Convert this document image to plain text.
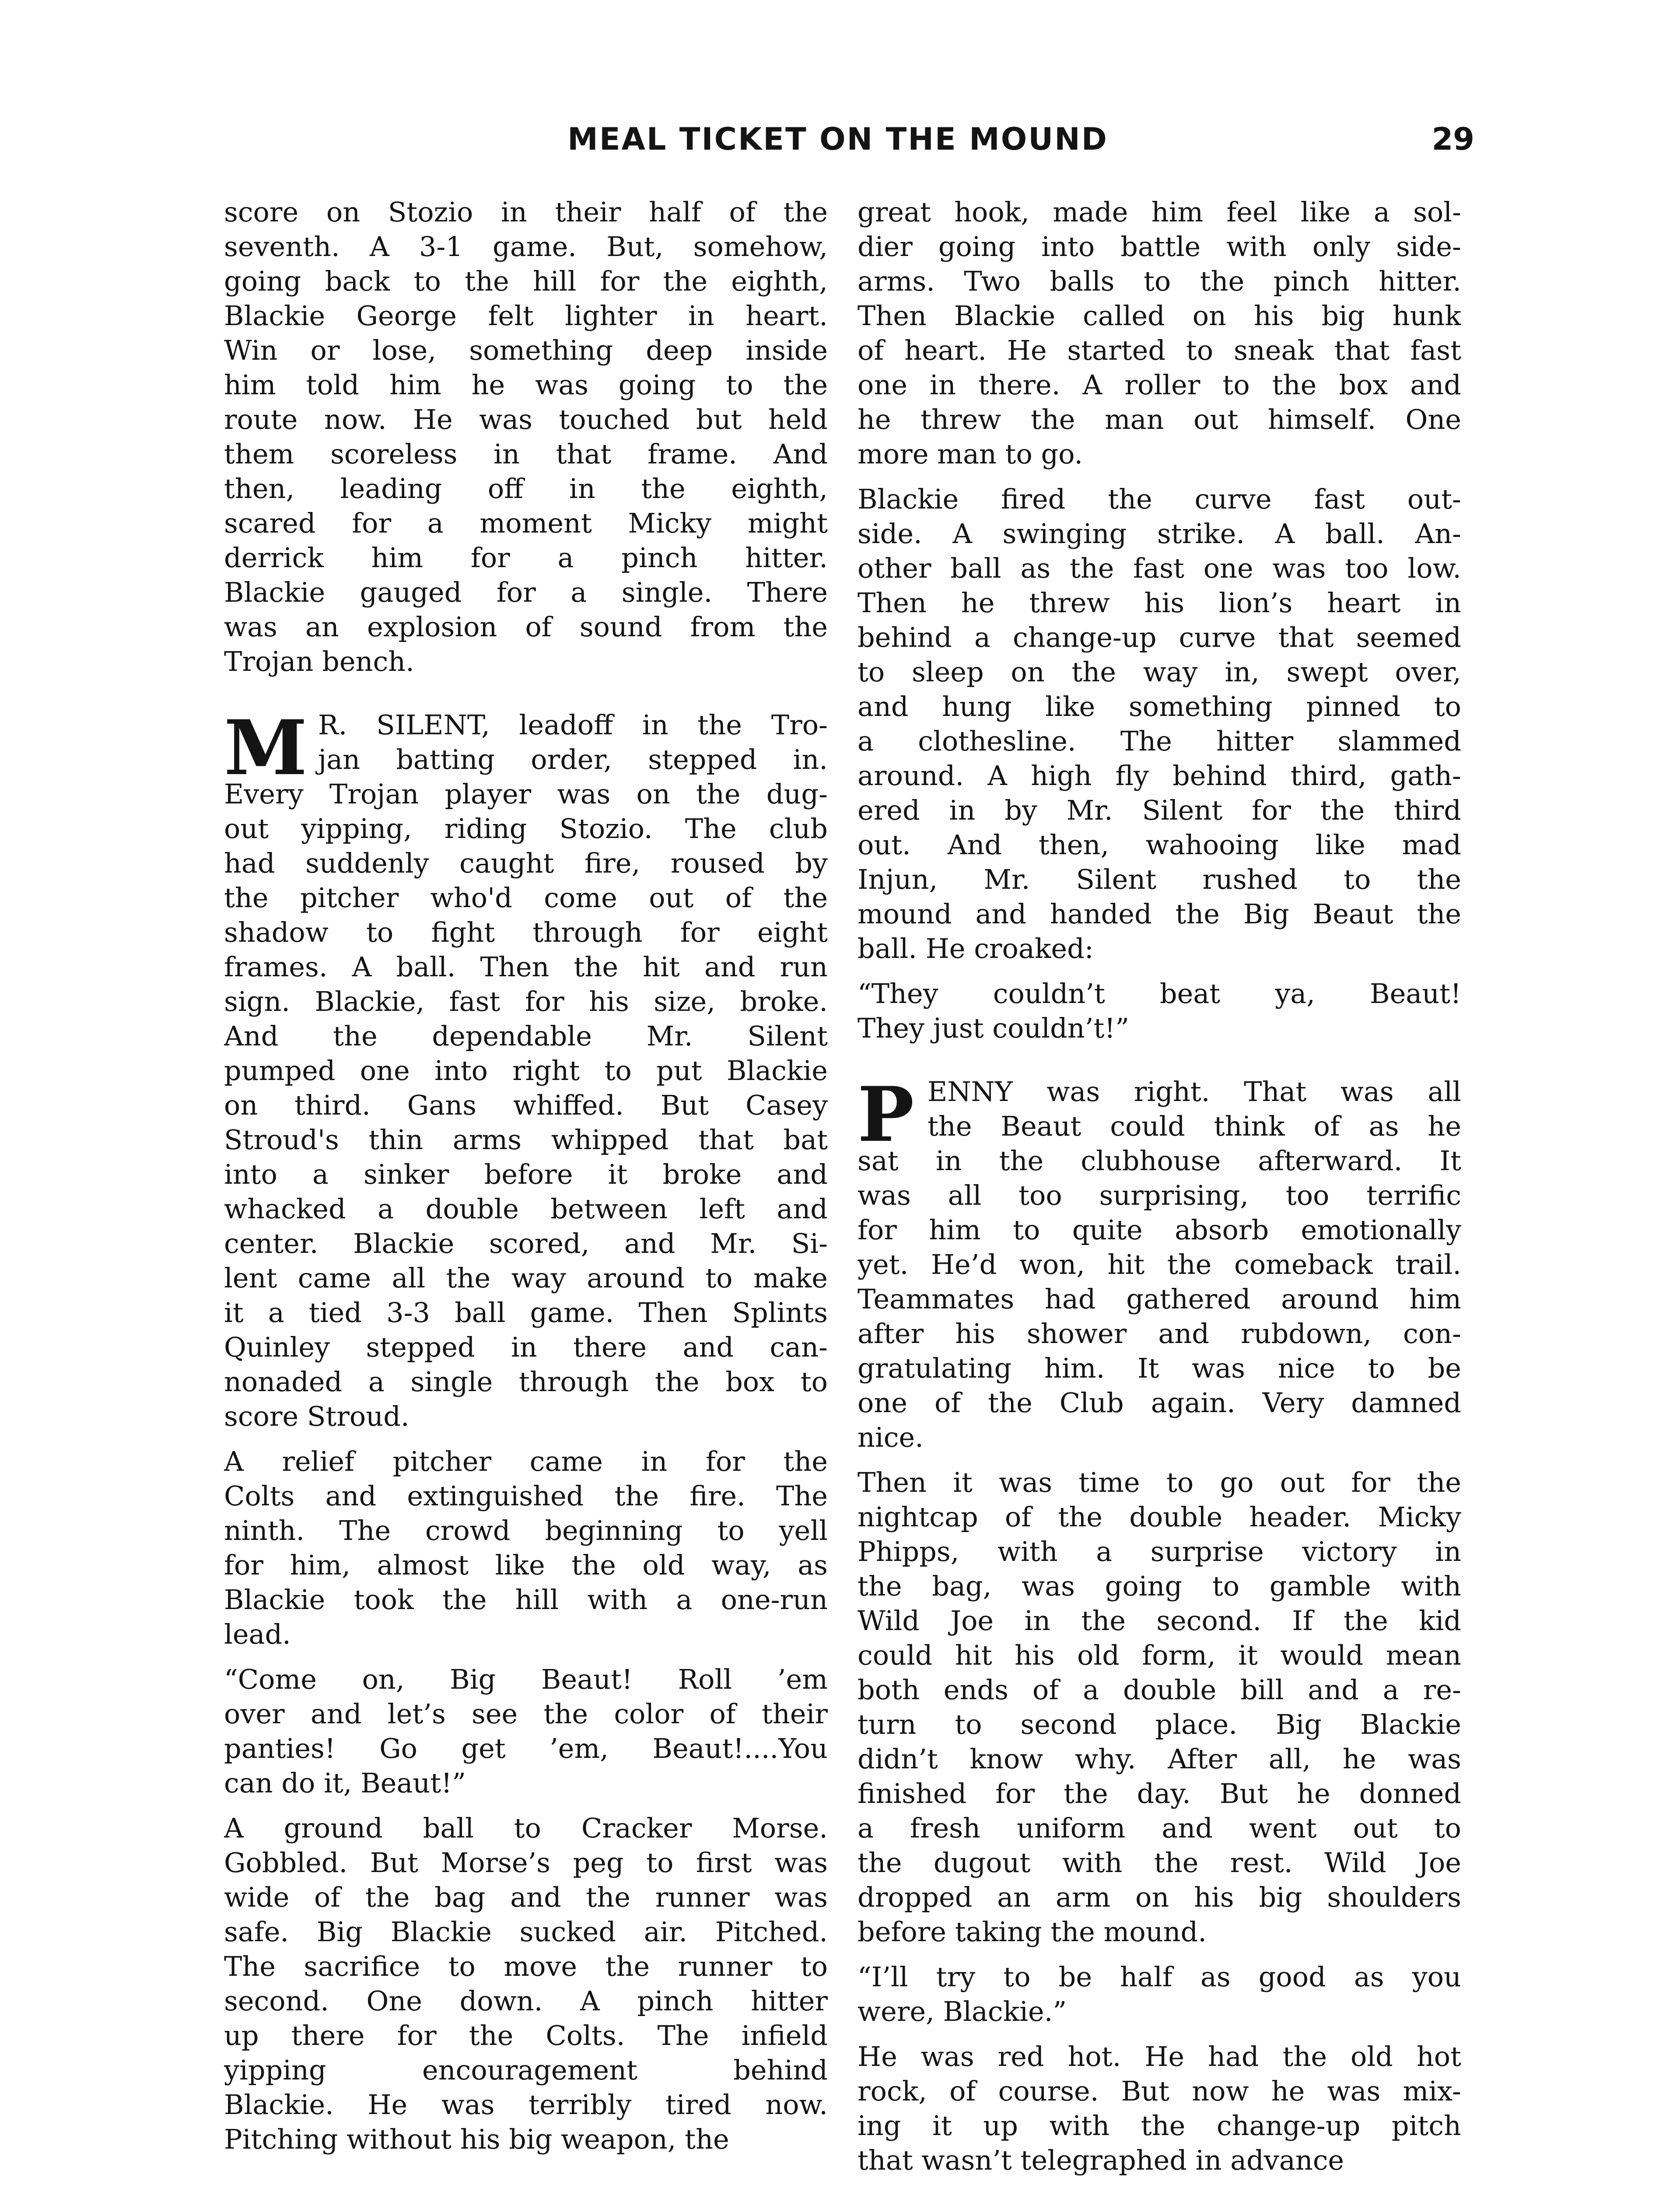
MEAL TICKET ON THE MOUND	29
score on Stozio in their half of the
seventh. A 3-1 game. But, somehow,
going back to the hill for the eighth,
Blackie George felt lighter in heart.
Win or lose, something deep inside
him told him he was going to the
route now. He was touched but held
them scoreless in that frame. And
then, leading off in the eighth,
scared for a moment Micky might
derrick him for a pinch hitter.
Blackie gauged for a single. There
was an explosion of sound from the
Trojan bench.
M R. SILENT, leadoff in the Tro-
jan batting order, stepped in.
Every Trojan player was on the dug-
out yipping, riding Stozio. The club
had suddenly caught fire, roused by
the pitcher who'd come out of the
shadow to fight through for eight
frames. A ball. Then the hit and run
sign. Blackie, fast for his size, broke.
And the dependable Mr. Silent
pumped one into right to put Blackie
on third. Gans whiffed. But Casey
Stroud's thin arms whipped that bat
into a sinker before it broke and
whacked a double between left and
center. Blackie scored, and Mr. Si-
lent came all the way around to make
it a tied 3-3 ball game. Then Splints
Quinley stepped in there and can-
nonaded a single through the box to
score Stroud.
A relief pitcher came in for the
Colts and extinguished the fire. The
ninth. The crowd beginning to yell
for him, almost like the old way, as
Blackie took the hill with a one-run
lead.
“Come on, Big Beaut! Roll ’em
over and let’s see the color of their
panties! Go get ’em, Beaut!....You
can do it, Beaut!”
A ground ball to Cracker Morse.
Gobbled. But Morse’s peg to first was
wide of the bag and the runner was
safe. Big Blackie sucked air. Pitched.
The sacrifice to move the runner to
second. One down. A pinch hitter
up there for the Colts. The infield
yipping encouragement behind
Blackie. He was terribly tired now.
Pitching without his big weapon, the
great hook, made him feel like a sol-
dier going into battle with only side-
arms. Two balls to the pinch hitter.
Then Blackie called on his big hunk
of heart. He started to sneak that fast
one in there. A roller to the box and
he threw the man out himself. One
more man to go.
Blackie fired the curve fast out-
side. A swinging strike. A ball. An-
other ball as the fast one was too low.
Then he threw his lion’s heart in
behind a change-up curve that seemed
to sleep on the way in, swept over,
and hung like something pinned to
a clothesline. The hitter slammed
around. A high fly behind third, gath-
ered in by Mr. Silent for the third
out. And then, wahooing like mad
Injun, Mr. Silent rushed to the
mound and handed the Big Beaut the
ball. He croaked:
“They couldn’t beat ya, Beaut!
They just couldn’t!”
P ENNY was right. That was all
the Beaut could think of as he
sat in the clubhouse afterward. It
was all too surprising, too terrific
for him to quite absorb emotionally
yet. He’d won, hit the comeback trail.
Teammates had gathered around him
after his shower and rubdown, con-
gratulating him. It was nice to be
one of the Club again. Very damned
nice.
Then it was time to go out for the
nightcap of the double header. Micky
Phipps, with a surprise victory in
the bag, was going to gamble with
Wild Joe in the second. If the kid
could hit his old form, it would mean
both ends of a double bill and a re-
turn to second place. Big Blackie
didn’t know why. After all, he was
finished for the day. But he donned
a fresh uniform and went out to
the dugout with the rest. Wild Joe
dropped an arm on his big shoulders
before taking the mound.
“I’ll try to be half as good as you
were, Blackie.”
He was red hot. He had the old hot
rock, of course. But now he was mix-
ing it up with the change-up pitch
that wasn’t telegraphed in advance
